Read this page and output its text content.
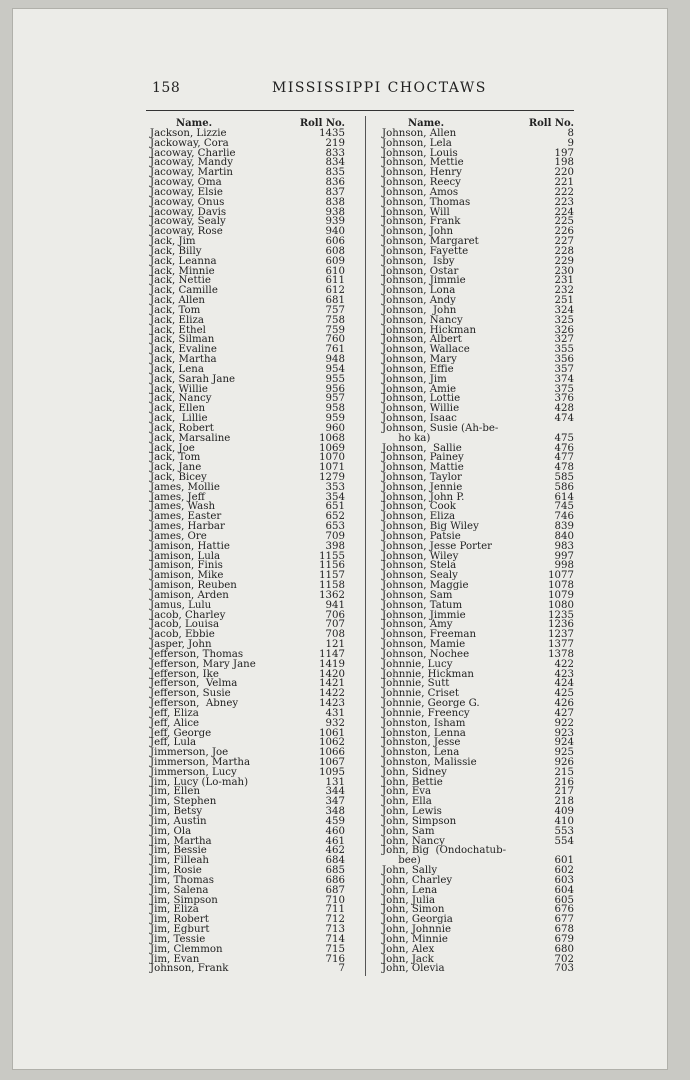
158	MISSISSIPPI CHOCTAWS
Name.	Roll No.
Jackson, Lizzie	1435
Jackoway, Cora	219
Jacoway, Charlie	833
Jacoway, Mandy	834
Jacoway, Martin	835
Jacoway, Oma	836
Jacoway, Elsie	837
Jacoway, Onus	838
Jacoway, Davis	938
Jacoway, Sealy	939
Jacoway, Rose	940
Jack, Jim	606
Jack, Billy	608
Jack, Leanna	609
Jack, Minnie	610
Jack, Nettie	611
Jack, Camille	612
Jack, Allen	681
Jack, Tom	757
Jack, Eliza	758
Jack, Ethel	759
Jack, Silman	760
Jack, Evaline	761
Jack, Martha	948
Jack, Lena	954
Jack, Sarah Jane	955
Jack, Willie	956
Jack, Nancy	957
Jack, Ellen	958
Jack,  Lillie	959
Jack, Robert	960
Jack, Marsaline	1068
Jack, Joe	1069
Jack, Tom	1070
Jack, Jane	1071
Jack, Bicey	1279
James, Mollie	353
James, Jeff	354
James, Wash	651
James, Easter	652
James, Harbar	653
James, Ore	709
Jamison, Hattie	398
Jamison, Lula	1155
Jamison, Finis	1156
Jamison, Mike	1157
Jamison, Reuben	1158
Jamison, Arden	1362
Jamus, Lulu	941
Jacob, Charley	706
Jacob, Louisa	707
Jacob, Ebbie	708
Jasper, John	121
Jefferson, Thomas	1147
Jefferson, Mary Jane	1419
Jefferson, Ike	1420
Jefferson,  Velma	1421
Jefferson, Susie	1422
Jefferson,  Abney	1423
Jeff, Eliza	431
Jeff, Alice	932
Jeff, George	1061
Jeff, Lula	1062
Jimmerson, Joe	1066
Jimmerson, Martha	1067
Jimmerson, Lucy	1095
Jim, Lucy (Lo-mah)	131
Jim, Ellen	344
Jim, Stephen	347
Jim, Betsy	348
Jim, Austin	459
Jim, Ola	460
Jim, Martha	461
Jim, Bessie	462
Jim, Filleah	684
Jim, Rosie	685
Jim, Thomas	686
Jim, Salena	687
Jim, Simpson	710
Jim, Eliza	711
Jim, Robert	712
Jim, Egburt	713
Jim, Tessie	714
Jim, Clemmon	715
Jim, Evan	716
Johnson, Frank	7
Name.	Roll No.
Johnson, Allen	8
Johnson, Lela	9
Johnson, Louis	197
Johnson, Mettie	198
Johnson, Henry	220
Johnson, Reecy	221
Johnson, Amos	222
Johnson, Thomas	223
Johnson, Will	224
Johnson, Frank	225
Johnson, John	226
Johnson, Margaret	227
Johnson, Fayette	228
Johnson,  Isby	229
Johnson, Ostar	230
Johnson, Jimmie	231
Johnson, Lona	232
Johnson, Andy	251
Johnson,  John	324
Johnson, Nancy	325
Johnson, Hickman	326
Johnson, Albert	327
Johnson, Wallace	355
Johnson, Mary	356
Johnson, Effie	357
Johnson, Jim	374
Johnson, Amie	375
Johnson, Lottie	376
Johnson, Willie	428
Johnson, Isaac	474
Johnson, Susie (Ah-be-
ho ka)	475
Johnson,  Sallie	476
Johnson, Painey	477
Johnson, Mattie	478
Johnson, Taylor	585
Johnson, Jennie	586
Johnson, John P.	614
Johnson, Cook	745
Johnson, Eliza	746
Johnson, Big Wiley	839
Johnson, Patsie	840
Johnson, Jesse Porter	983
Johnson, Wiley	997
Johnson, Stela	998
Johnson, Sealy	1077
Johnson, Maggie	1078
Johnson, Sam	1079
Johnson, Tatum	1080
Johnson, Jimmie	1235
Johnson, Amy	1236
Johnson, Freeman	1237
Johnson, Mamie	1377
Johnson, Nochee	1378
Johnnie, Lucy	422
Johnnie, Hickman	423
Johnnie, Sutt	424
Johnnie, Criset	425
Johnnie, George G.	426
Johnnie, Freency	427
Johnston, Isham	922
Johnston, Lenna	923
Johnston, Jesse	924
Johnston, Lena	925
Johnston, Malissie	926
John, Sidney	215
John, Bettie	216
John, Eva	217
John, Ella	218
John, Lewis	409
John, Simpson	410
John, Sam	553
John, Nancy	554
John, Big  (Ondochatub-
bee)	601
John, Sally	602
John, Charley	603
John, Lena	604
John, Julia	605
John, Simon	676
John, Georgia	677
John, Johnnie	678
John, Minnie	679
John, Alex	680
John, Jack	702
John, Olevia	703
